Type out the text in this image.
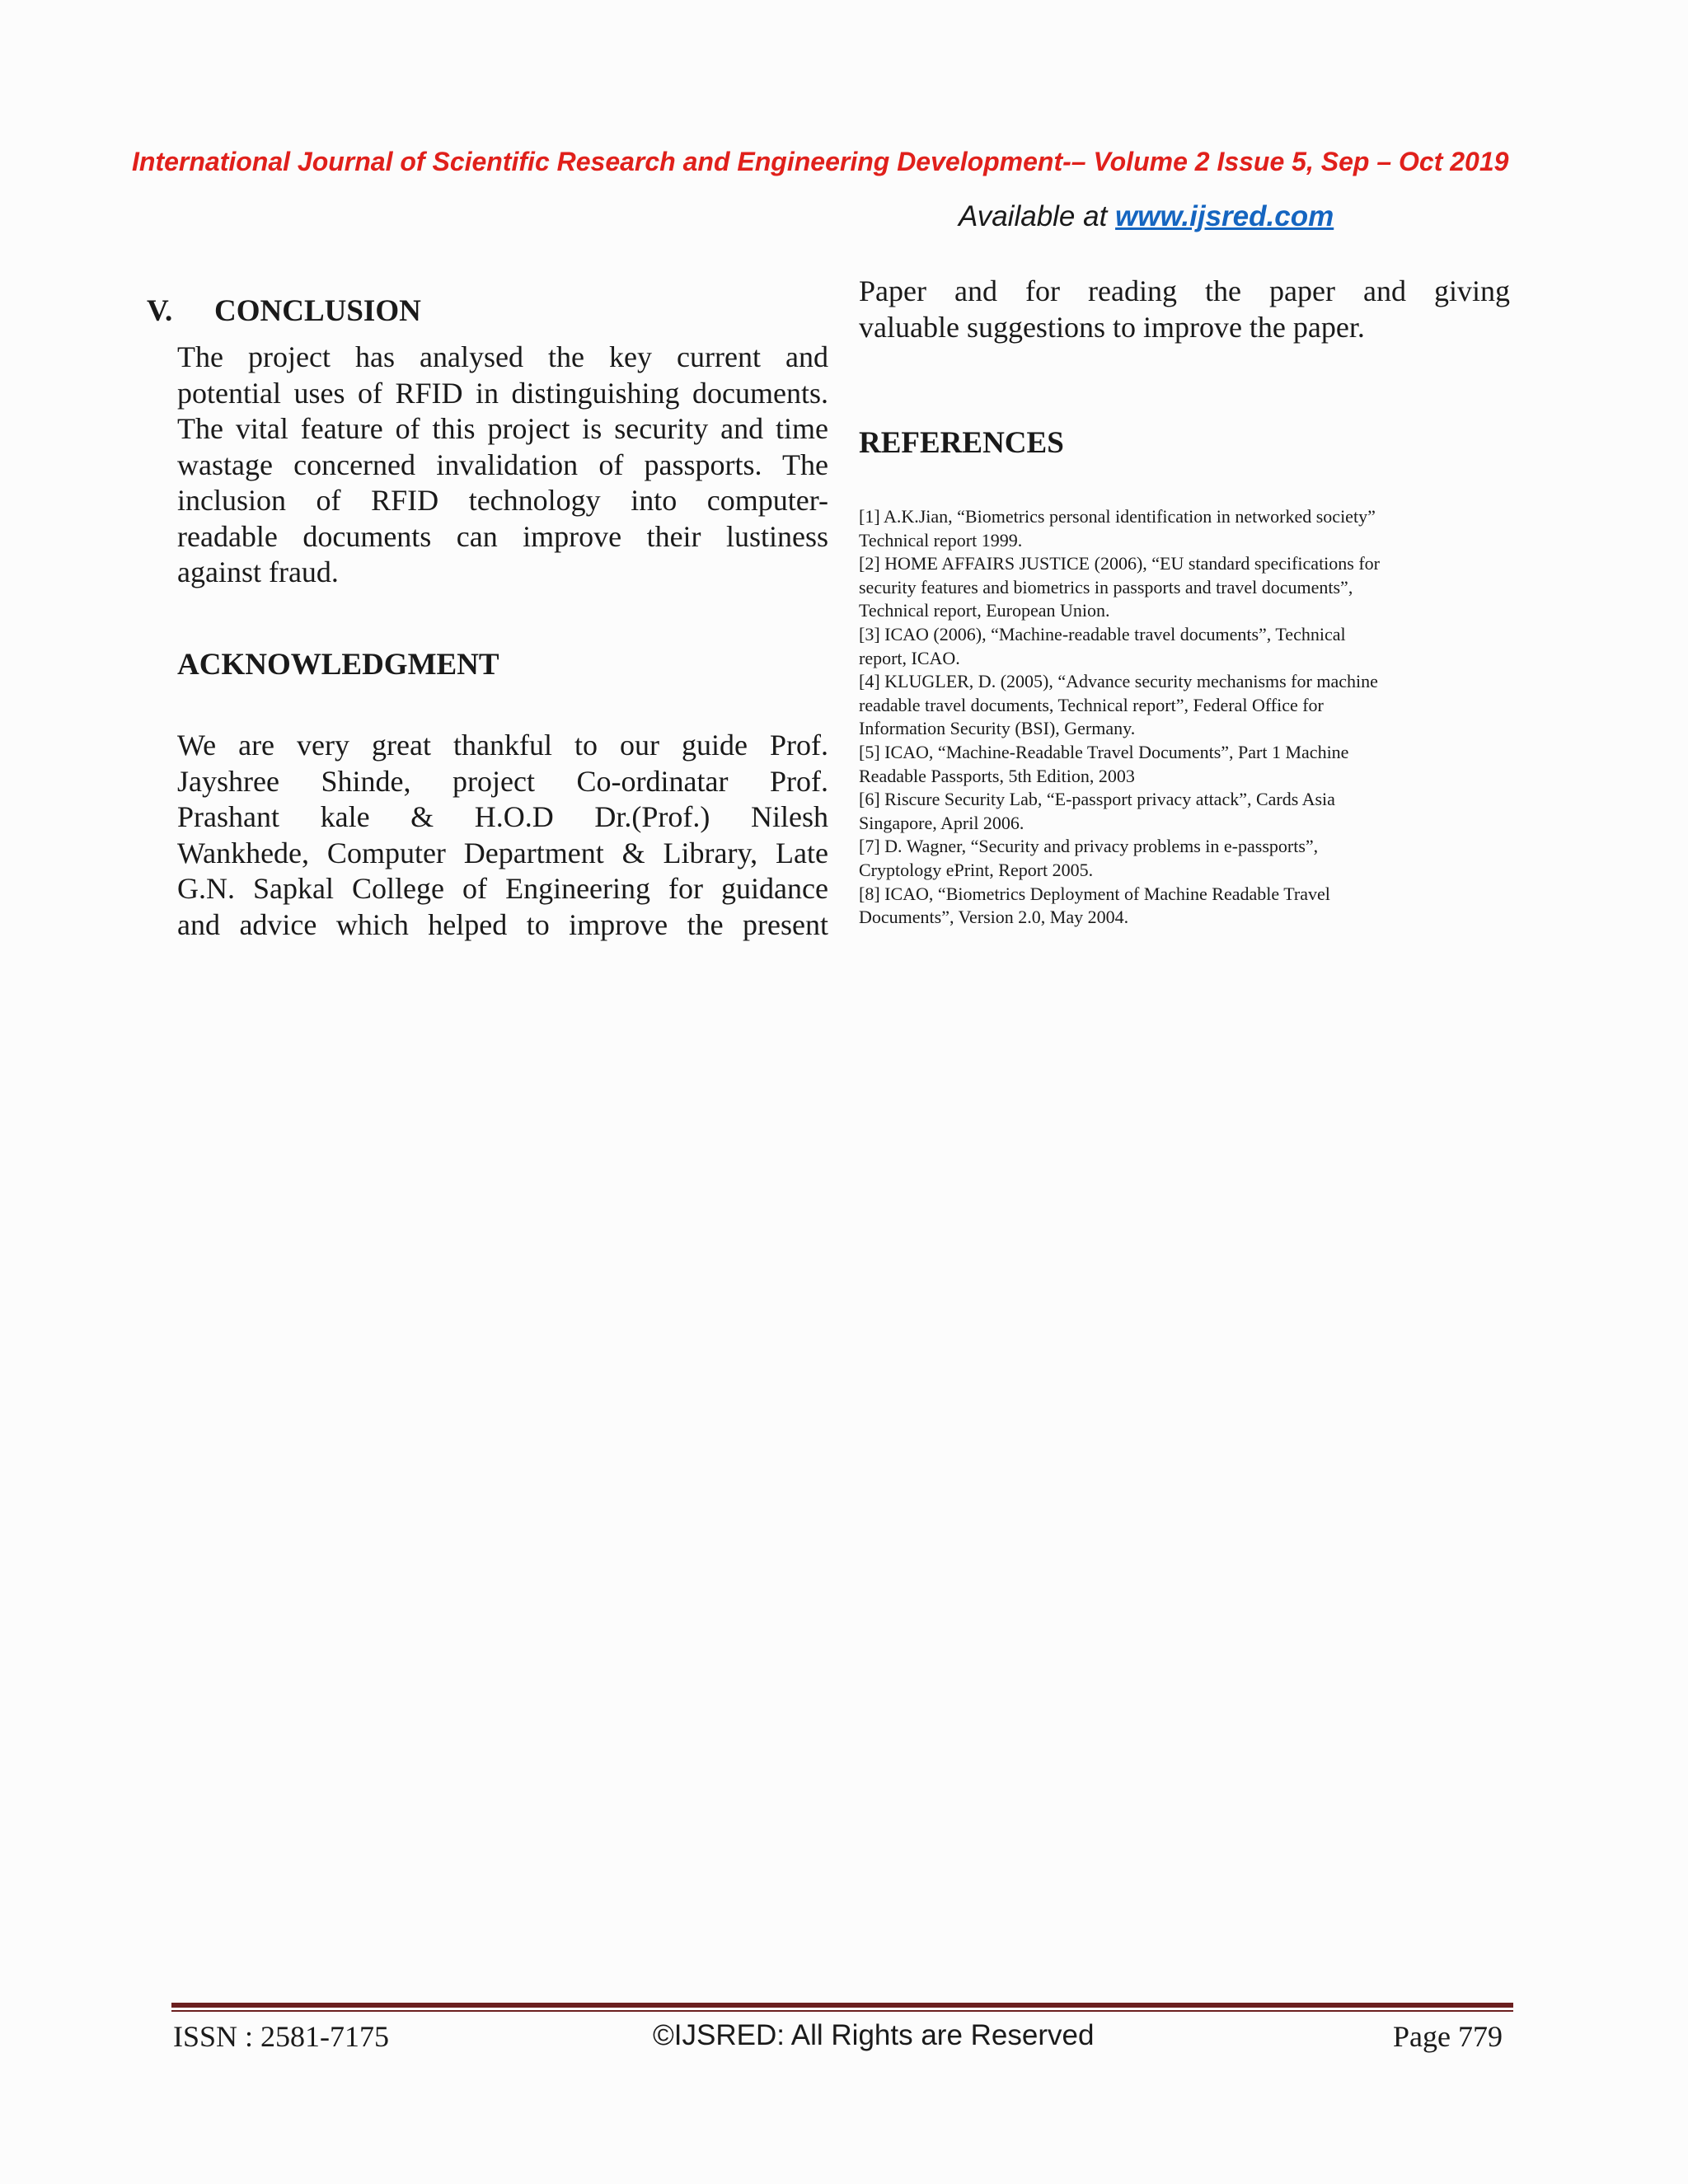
International Journal of Scientific Research and Engineering Development-– Volume 2 Issue 5, Sep – Oct 2019
Available at www.ijsred.com
V. CONCLUSION
The project has analysed the key current and
potential uses of RFID in distinguishing documents.
The vital feature of this project is security and time
wastage concerned invalidation of passports. The
inclusion of RFID technology into computer-
readable documents can improve their lustiness
against fraud.
ACKNOWLEDGMENT
We are very great thankful to our guide Prof.
Jayshree Shinde, project Co-ordinatar Prof.
Prashant kale & H.O.D Dr.(Prof.) Nilesh
Wankhede, Computer Department & Library, Late
G.N. Sapkal College of Engineering for guidance
and advice which helped to improve the present
Paper and for reading the paper and giving
valuable suggestions to improve the paper.
REFERENCES
[1] A.K.Jian, “Biometrics personal identification in networked society”
Technical report 1999.
[2] HOME AFFAIRS JUSTICE (2006), “EU standard specifications for
security features and biometrics in passports and travel documents”,
Technical report, European Union.
[3] ICAO (2006), “Machine-readable travel documents”, Technical
report, ICAO.
[4] KLUGLER, D. (2005), “Advance security mechanisms for machine
readable travel documents, Technical report”, Federal Office for
Information Security (BSI), Germany.
[5] ICAO, “Machine-Readable Travel Documents”, Part 1 Machine
Readable Passports, 5th Edition, 2003
[6] Riscure Security Lab, “E-passport privacy attack”, Cards Asia
Singapore, April 2006.
[7] D. Wagner, “Security and privacy problems in e-passports”,
Cryptology ePrint, Report 2005.
[8] ICAO, “Biometrics Deployment of Machine Readable Travel
Documents”, Version 2.0, May 2004.
ISSN : 2581-7175	©IJSRED: All Rights are Reserved	Page 779
